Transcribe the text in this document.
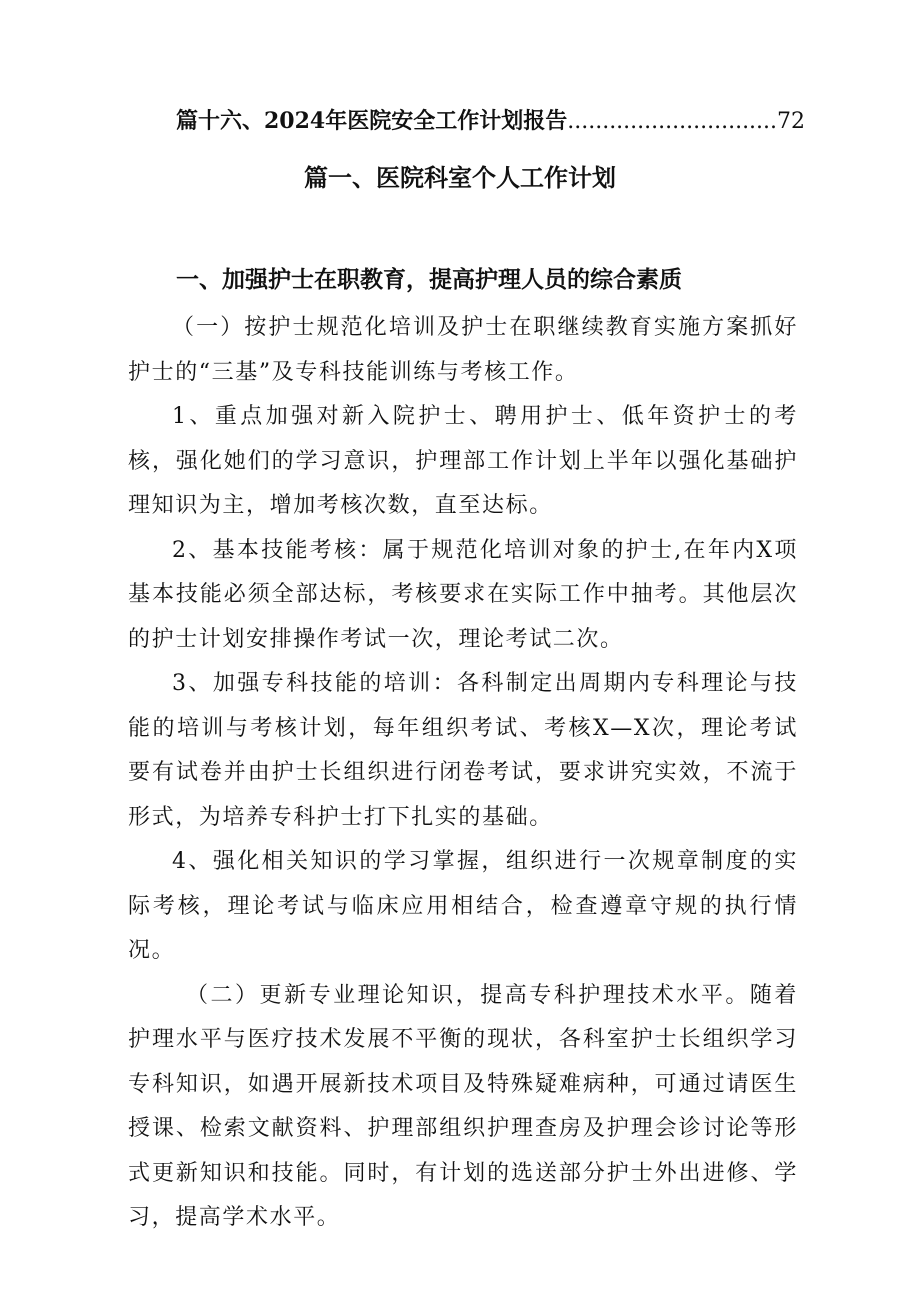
篇十六、2024年医院安全工作计划报告..............................72
篇一、医院科室个人工作计划
一、加强护士在职教育，提高护理人员的综合素质

（一）按护士规范化培训及护士在职继续教育实施方案抓好护士的“三基”及专科技能训练与考核工作。

1、重点加强对新入院护士、聘用护士、低年资护士的考核，强化她们的学习意识，护理部工作计划上半年以强化基础护理知识为主，增加考核次数，直至达标。

2、基本技能考核：属于规范化培训对象的护士,在年内X项基本技能必须全部达标，考核要求在实际工作中抽考。其他层次的护士计划安排操作考试一次，理论考试二次。

3、加强专科技能的培训：各科制定出周期内专科理论与技能的培训与考核计划，每年组织考试、考核X—X次，理论考试要有试卷并由护士长组织进行闭卷考试，要求讲究实效，不流于形式，为培养专科护士打下扎实的基础。

4、强化相关知识的学习掌握，组织进行一次规章制度的实际考核，理论考试与临床应用相结合，检查遵章守规的执行情况。

（二）更新专业理论知识，提高专科护理技术水平。随着护理水平与医疗技术发展不平衡的现状，各科室护士长组织学习专科知识，如遇开展新技术项目及特殊疑难病种，可通过请医生授课、检索文献资料、护理部组织护理查房及护理会诊讨论等形式更新知识和技能。同时，有计划的选送部分护士外出进修、学习，提高学术水平。
